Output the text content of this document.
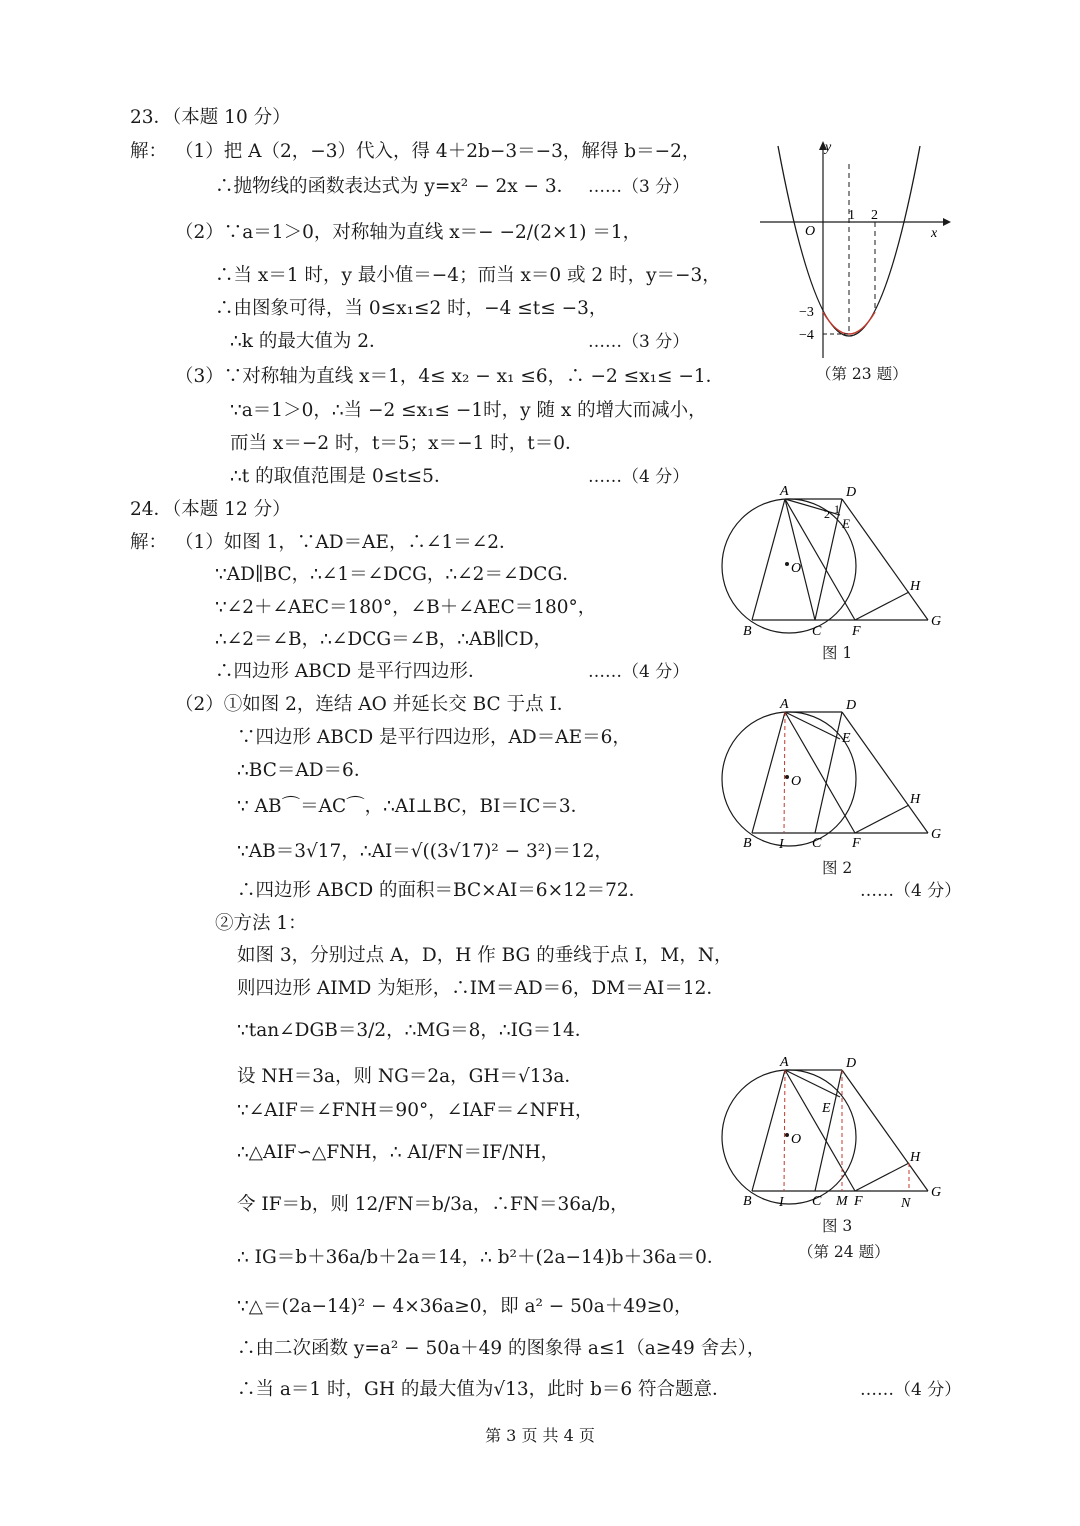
23．（本题 10 分）
解： （1）把 A（2，−3）代入，得 4＋2b−3＝−3，解得 b＝−2，
∴抛物线的函数表达式为 y=x² − 2x − 3． ……（3 分）
（2）∵a＝1＞0，对称轴为直线 x＝− −2/(2×1) ＝1，
∴当 x＝1 时，y 最小值＝−4；而当 x＝0 或 2 时，y＝−3，
∴由图象可得，当 0≤x₁≤2 时，−4 ≤t≤ −3，
∴k 的最大值为 2．	……（3 分）
（3）∵对称轴为直线 x＝1，4≤ x₂ − x₁ ≤6，∴ −2 ≤x₁≤ −1．
∵a＝1＞0，∴当 −2 ≤x₁≤ −1时，y 随 x 的增大而减小，
而当 x＝−2 时，t＝5；x＝−1 时，t＝0．
∴t 的取值范围是 0≤t≤5．	……（4 分）
y
x
O
1 2
−3
−4
（第 23 题）
24．（本题 12 分）
解： （1）如图 1，∵AD＝AE，∴∠1＝∠2．
∵AD∥BC，∴∠1＝∠DCG，∴∠2＝∠DCG．
∵∠2＋∠AEC＝180°，∠B＋∠AEC＝180°，
∴∠2＝∠B，∴∠DCG＝∠B，∴AB∥CD，
∴四边形 ABCD 是平行四边形．	……（4 分）
（2）①如图 2，连结 AO 并延长交 BC 于点 I．
∵四边形 ABCD 是平行四边形，AD＝AE＝6，
∴BC＝AD＝6．
∵ AB⌒＝AC⌒，∴AI⊥BC，BI＝IC＝3．
∵AB＝3√17，∴AI＝√((3√17)² − 3²)＝12，
∴四边形 ABCD 的面积＝BC×AI＝6×12＝72．	……（4 分）
②方法 1：
如图 3，分别过点 A，D，H 作 BG 的垂线于点 I，M，N，
则四边形 AIMD 为矩形，∴IM＝AD＝6，DM＝AI＝12．
∵tan∠DGB＝3/2，∴MG＝8，∴IG＝14．
设 NH＝3a，则 NG＝2a，GH＝√13a．
∵∠AIF＝∠FNH＝90°，∠IAF＝∠NFH，
∴△AIF∽△FNH，∴ AI/FN＝IF/NH，
令 IF＝b，则 12/FN＝b/3a，∴FN＝36a/b，
∴ IG＝b＋36a/b＋2a＝14，∴ b²＋(2a−14)b＋36a＝0．
∵△＝(2a−14)² − 4×36a≥0，即 a² − 50a＋49≥0，
∴由二次函数 y=a² − 50a＋49 的图象得 a≤1（a≥49 舍去），
∴当 a＝1 时，GH 的最大值为√13，此时 b＝6 符合题意．	……（4 分）
A	D
E
2 1
O
B	C F
G
H
图 1
A	D
E
O
B I C F
G
H
图 2
A	D
E
O
B I C M F	N
G
H
图 3
（第 24 题）
第 3 页 共 4 页
